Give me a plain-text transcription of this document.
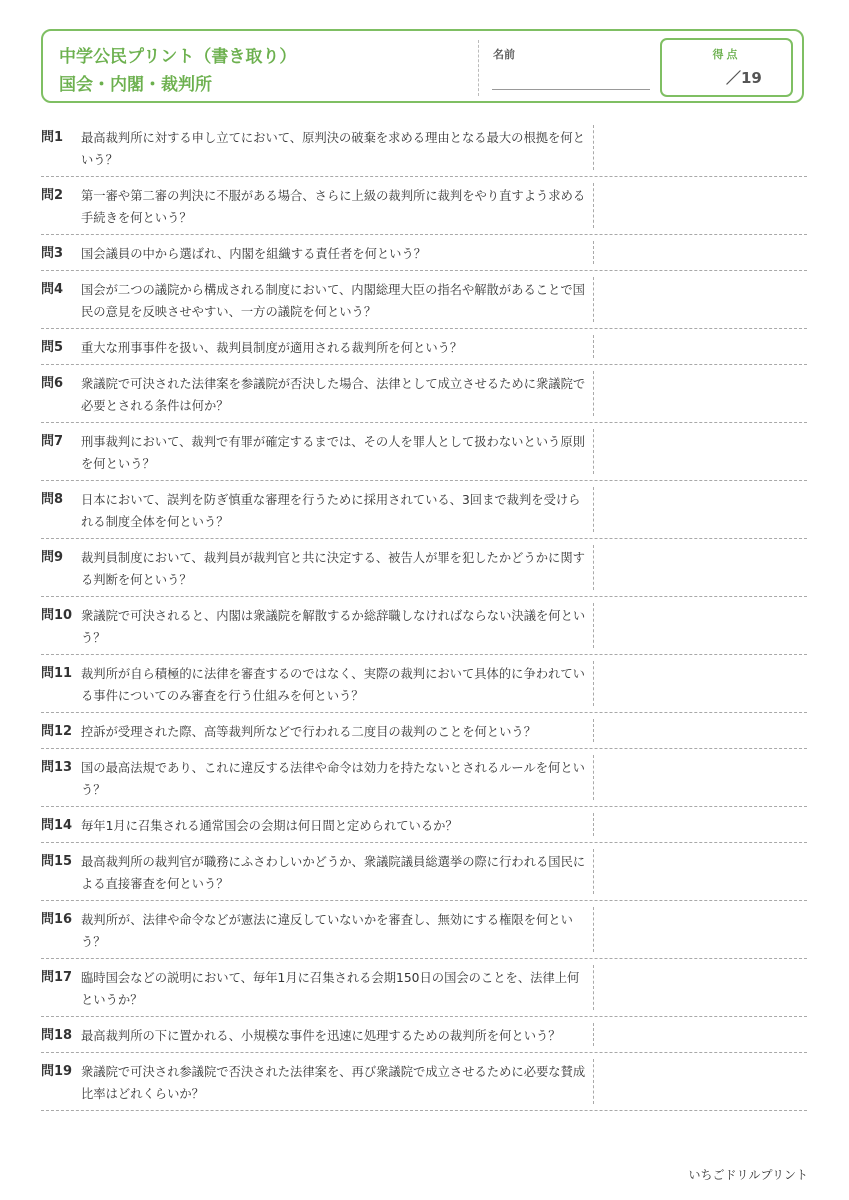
中学公民プリント（書き取り）
国会・内閣・裁判所
名前	得点
／19
問1	最高裁判所に対する申し立てにおいて、原判決の破棄を求める理由となる最大の根拠を何という？
問2	第一審や第二審の判決に不服がある場合、さらに上級の裁判所に裁判をやり直すよう求める手続きを何という？
問3	国会議員の中から選ばれ、内閣を組織する責任者を何という？
問4	国会が二つの議院から構成される制度において、内閣総理大臣の指名や解散があることで国民の意見を反映させやすい、一方の議院を何という？
問5	重大な刑事事件を扱い、裁判員制度が適用される裁判所を何という？
問6	衆議院で可決された法律案を参議院が否決した場合、法律として成立させるために衆議院で必要とされる条件は何か？
問7	刑事裁判において、裁判で有罪が確定するまでは、その人を罪人として扱わないという原則を何という？
問8	日本において、誤判を防ぎ慎重な審理を行うために採用されている、3回まで裁判を受けられる制度全体を何という？
問9	裁判員制度において、裁判員が裁判官と共に決定する、被告人が罪を犯したかどうかに関する判断を何という？
問10 衆議院で可決されると、内閣は衆議院を解散するか総辞職しなければならない決議を何という？
問11 裁判所が自ら積極的に法律を審査するのではなく、実際の裁判において具体的に争われている事件についてのみ審査を行う仕組みを何という？
問12 控訴が受理された際、高等裁判所などで行われる二度目の裁判のことを何という？
問13 国の最高法規であり、これに違反する法律や命令は効力を持たないとされるルールを何という？
問14 毎年1月に召集される通常国会の会期は何日間と定められているか？
問15 最高裁判所の裁判官が職務にふさわしいかどうか、衆議院議員総選挙の際に行われる国民による直接審査を何という？
問16 裁判所が、法律や命令などが憲法に違反していないかを審査し、無効にする権限を何という？
問17 臨時国会などの説明において、毎年1月に召集される会期150日の国会のことを、法律上何というか？
問18 最高裁判所の下に置かれる、小規模な事件を迅速に処理するための裁判所を何という？
問19 衆議院で可決され参議院で否決された法律案を、再び衆議院で成立させるために必要な賛成比率はどれくらいか？
いちごドリルプリント
